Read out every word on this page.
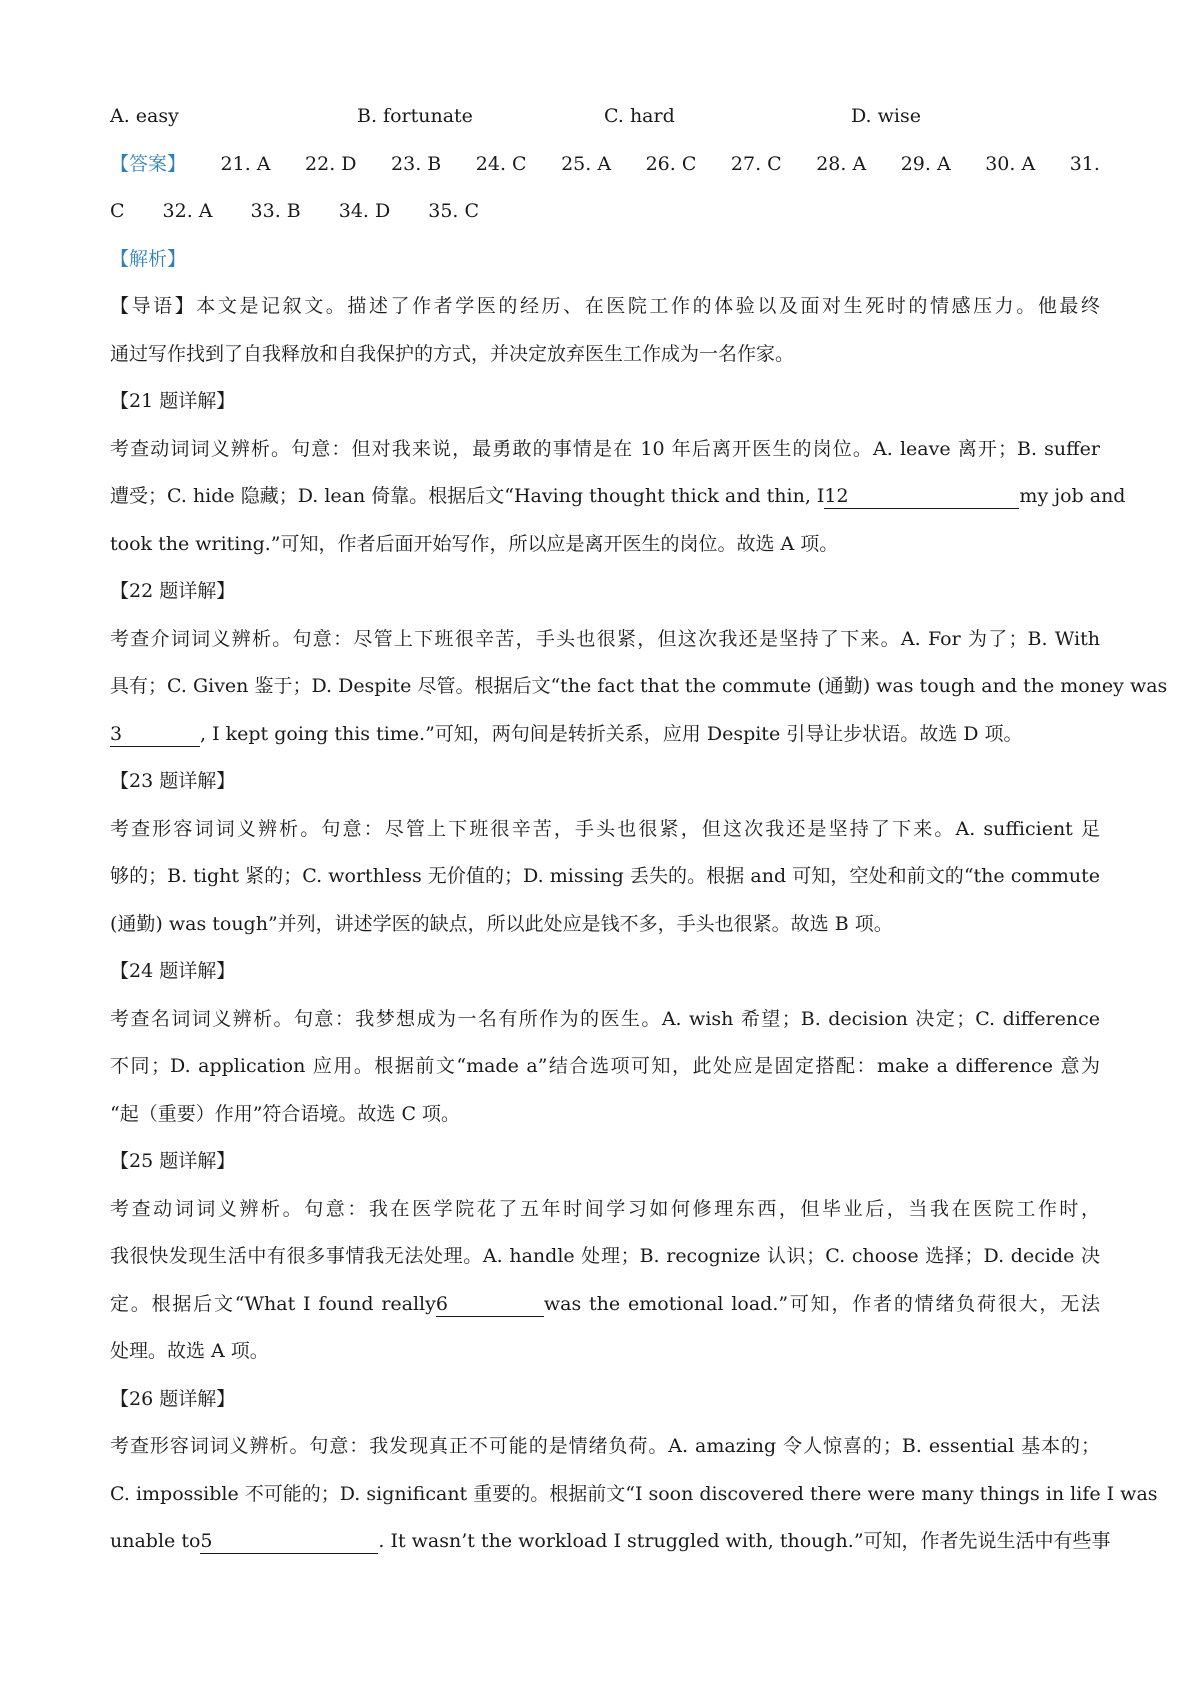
A. easy	B. fortunate	C. hard	D. wise
【答案】 21. A 22. D 23. B 24. C 25. A 26. C 27. C 28. A 29. A 30. A 31.
C 32. A 33. B 34. D 35. C
【解析】
【导语】本文是记叙文。描述了作者学医的经历、在医院工作的体验以及面对生死时的情感压力。他最终
通过写作找到了自我释放和自我保护的方式，并决定放弃医生工作成为一名作家。
【21 题详解】
考查动词词义辨析。句意：但对我来说，最勇敢的事情是在 10 年后离开医生的岗位。A. leave 离开；B. suffer
遭受；C. hide 隐藏；D. lean 倚靠。根据后文“Having thought thick and thin, I12	my job and
took the writing.”可知，作者后面开始写作，所以应是离开医生的岗位。故选 A 项。
【22 题详解】
考查介词词义辨析。句意：尽管上下班很辛苦，手头也很紧，但这次我还是坚持了下来。A. For 为了；B. With
具有；C. Given 鉴于；D. Despite 尽管。根据后文“the fact that the commute (通勤) was tough and the money was
3	, I kept going this time.”可知，两句间是转折关系，应用 Despite 引导让步状语。故选 D 项。
【23 题详解】
考查形容词词义辨析。句意：尽管上下班很辛苦，手头也很紧，但这次我还是坚持了下来。A. sufficient 足
够的；B. tight 紧的；C. worthless 无价值的；D. missing 丢失的。根据 and 可知，空处和前文的“the commute
(通勤) was tough”并列，讲述学医的缺点，所以此处应是钱不多，手头也很紧。故选 B 项。
【24 题详解】
考查名词词义辨析。句意：我梦想成为一名有所作为的医生。A. wish 希望；B. decision 决定；C. difference
不同；D. application 应用。根据前文“made a”结合选项可知，此处应是固定搭配：make a difference 意为
“起（重要）作用”符合语境。故选 C 项。
【25 题详解】
考查动词词义辨析。句意：我在医学院花了五年时间学习如何修理东西，但毕业后，当我在医院工作时，
我很快发现生活中有很多事情我无法处理。A. handle 处理；B. recognize 认识；C. choose 选择；D. decide 决
定。根据后文“What I found really6	was the emotional load.”可知，作者的情绪负荷很大，无法
处理。故选 A 项。
【26 题详解】
考查形容词词义辨析。句意：我发现真正不可能的是情绪负荷。A. amazing 令人惊喜的；B. essential 基本的；
C. impossible 不可能的；D. significant 重要的。根据前文“I soon discovered there were many things in life I was
unable to5	. It wasn’t the workload I struggled with, though.”可知，作者先说生活中有些事
